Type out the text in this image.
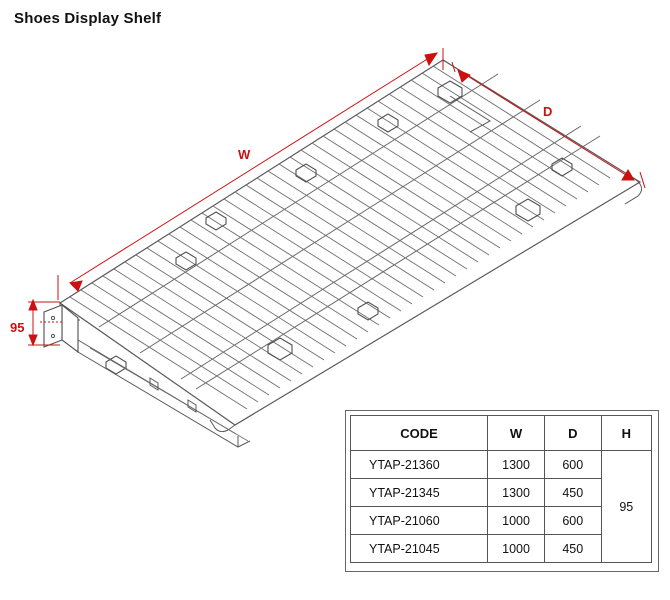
Shoes Display Shelf
W
D
95
CODE	W	D	H
YTAP-21360	1300	600	95
YTAP-21345	1300	450	
YTAP-21060	1000	600	
YTAP-21045	1000	450	
